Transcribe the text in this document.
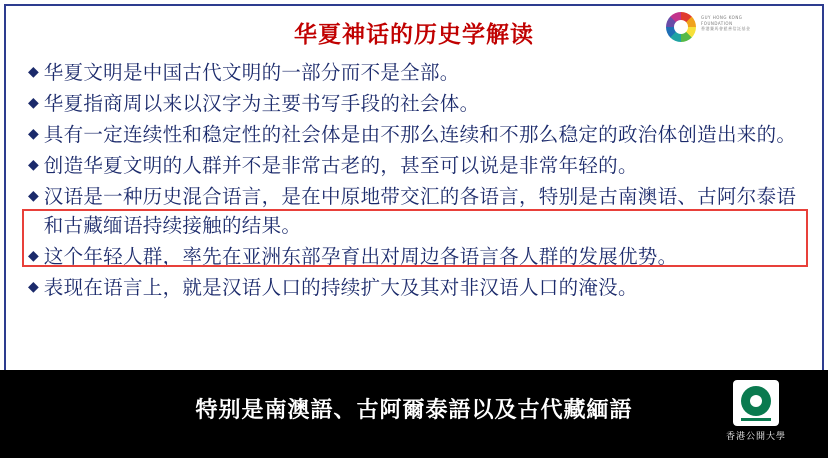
华夏神话的历史学解读
GUY HONG KONG
FOUNDATION
香港賽馬會慈善信託基金
◆ 华夏文明是中国古代文明的一部分而不是全部。
◆ 华夏指商周以来以汉字为主要书写手段的社会体。
◆ 具有一定连续性和稳定性的社会体是由不那么连续和不那么稳定的政治体创造出来的。
◆ 创造华夏文明的人群并不是非常古老的，甚至可以说是非常年轻的。
◆ 汉语是一种历史混合语言，是在中原地带交汇的各语言，特别是古南澳语、古阿尔泰语和古藏缅语持续接触的结果。
◆ 这个年轻人群，率先在亚洲东部孕育出对周边各语言各人群的发展优势。
◆ 表现在语言上，就是汉语人口的持续扩大及其对非汉语人口的淹没。
特别是南澳語、古阿爾泰語以及古代藏緬語
香港公開大學
